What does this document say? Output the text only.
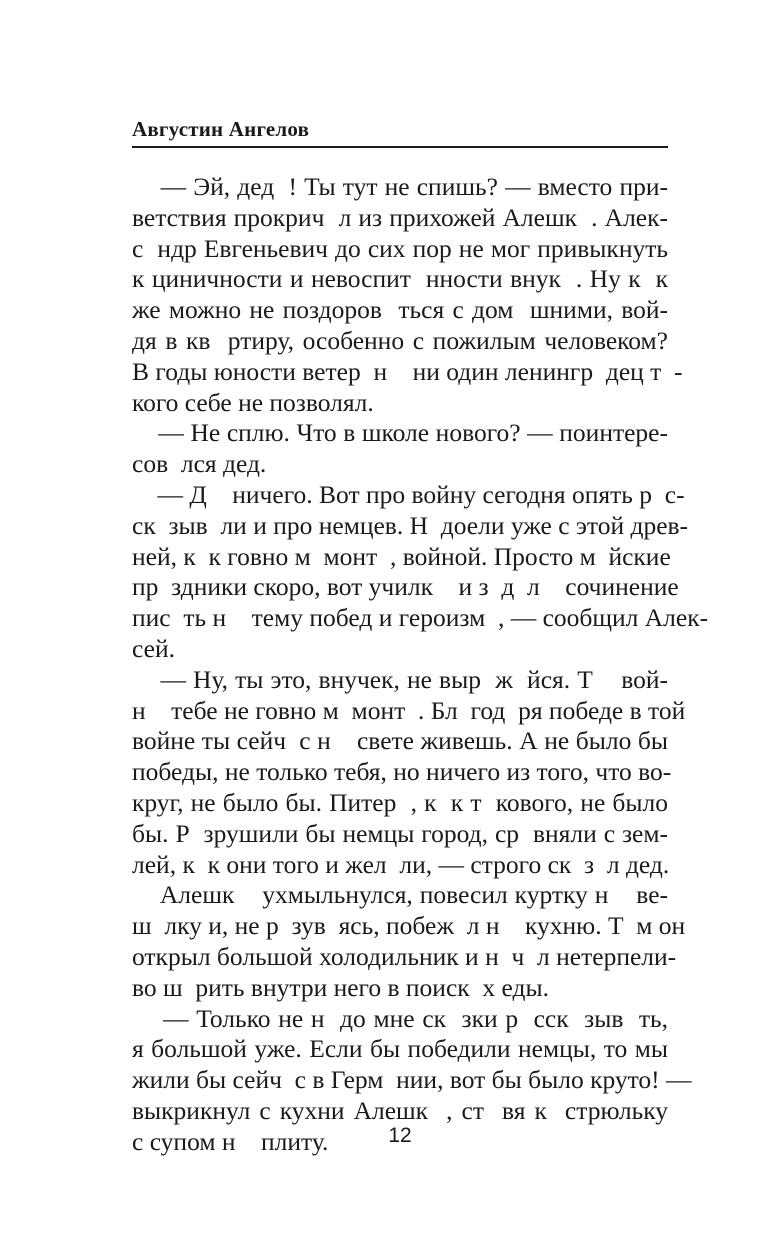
Августин Ангелов
— Эй, дед  ! Ты тут не спишь? — вместо при-
ветствия прокрич  л из прихожей Алешк  . Алек-
с  ндр Евгеньевич до сих пор не мог привыкнуть
к циничности и невоспит  нности внук  . Ну к  к
же можно не поздоров  ться с дом  шними, вой-
дя в кв  ртиру, особенно с пожилым человеком?
В годы юности ветер  н    ни один ленингр  дец т  -
кого себе не позволял.
— Не сплю. Что в школе нового? — поинтере-
сов  лся дед.
— Д    ничего. Вот про войну сегодня опять р  с-
ск  зыв  ли и про немцев. Н  доели уже с этой древ-
ней, к  к говно м  монт  , войной. Просто м  йские
пр  здники скоро, вот училк    и з  д  л    сочинение
пис  ть н    тему побед и героизм  , — сообщил Алек-
сей.
— Ну, ты это, внучек, не выр  ж  йся. Т    вой-
н    тебе не говно м  монт  . Бл  год  ря победе в той
войне ты сейч  с н    свете живешь. А не было бы
победы, не только тебя, но ничего из того, что во-
круг, не было бы. Питер  , к  к т  кового, не было
бы. Р  зрушили бы немцы город, ср  вняли с зем-
лей, к  к они того и жел  ли, — строго ск  з  л дед.
Алешк    ухмыльнулся, повесил куртку н    ве-
ш  лку и, не р  зув  ясь, побеж  л н    кухню. Т  м он
открыл большой холодильник и н  ч  л нетерпели-
во ш  рить внутри него в поиск  х еды.
— Только не н  до мне ск  зки р  сск  зыв  ть,
я большой уже. Если бы победили немцы, то мы
жили бы сейч  с в Герм  нии, вот бы было круто! —
выкрикнул с кухни Алешк  , ст  вя к  стрюльку
с супом н    плиту.	12
